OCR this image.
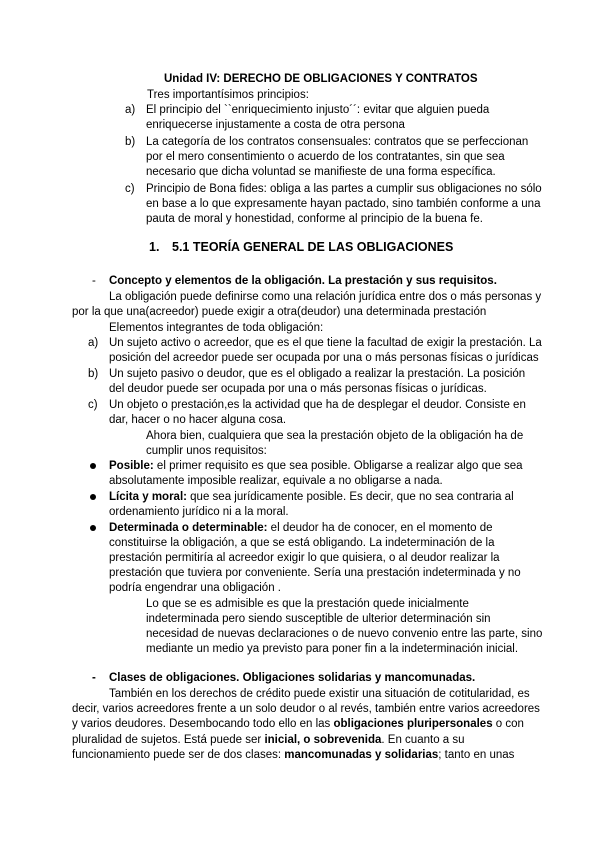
Unidad IV: DERECHO DE OBLIGACIONES Y CONTRATOS
Tres importantísimos principios:
a) El principio del ``enriquecimiento injusto´´: evitar que alguien pueda
enriquecerse injustamente a costa de otra persona
b) La categoría de los contratos consensuales: contratos que se perfeccionan
por el mero consentimiento o acuerdo de los contratantes, sin que sea
necesario que dicha voluntad se manifieste de una forma específica.
c) Principio de Bona fides: obliga a las partes a cumplir sus obligaciones no sólo
en base a lo que expresamente hayan pactado, sino también conforme a una
pauta de moral y honestidad, conforme al principio de la buena fe.
1. 5.1 TEORÍA GENERAL DE LAS OBLIGACIONES
- Concepto y elementos de la obligación. La prestación y sus requisitos.
La obligación puede definirse como una relación jurídica entre dos o más personas y
por la que una(acreedor) puede exigir a otra(deudor) una determinada prestación
Elementos integrantes de toda obligación:
a) Un sujeto activo o acreedor, que es el que tiene la facultad de exigir la prestación. La
posición del acreedor puede ser ocupada por una o más personas físicas o jurídicas
b) Un sujeto pasivo o deudor, que es el obligado a realizar la prestación. La posición
del deudor puede ser ocupada por una o más personas físicas o jurídicas.
c) Un objeto o prestación,es la actividad que ha de desplegar el deudor. Consiste en
dar, hacer o no hacer alguna cosa.
Ahora bien, cualquiera que sea la prestación objeto de la obligación ha de
cumplir unos requisitos:
Posible: el primer requisito es que sea posible. Obligarse a realizar algo que sea
absolutamente imposible realizar, equivale a no obligarse a nada.
Lícita y moral: que sea jurídicamente posible. Es decir, que no sea contraria al
ordenamiento jurídico ni a la moral.
Determinada o determinable: el deudor ha de conocer, en el momento de
constituirse la obligación, a que se está obligando. La indeterminación de la
prestación permitiría al acreedor exigir lo que quisiera, o al deudor realizar la
prestación que tuviera por conveniente. Sería una prestación indeterminada y no
podría engendrar una obligación .
Lo que se es admisible es que la prestación quede inicialmente
indeterminada pero siendo susceptible de ulterior determinación sin
necesidad de nuevas declaraciones o de nuevo convenio entre las parte, sino
mediante un medio ya previsto para poner fin a la indeterminación inicial.
- Clases de obligaciones. Obligaciones solidarias y mancomunadas.
También en los derechos de crédito puede existir una situación de cotitularidad, es
decir, varios acreedores frente a un solo deudor o al revés, también entre varios acreedores
y varios deudores. Desembocando todo ello en las obligaciones pluripersonales o con
pluralidad de sujetos. Está puede ser inicial, o sobrevenida. En cuanto a su
funcionamiento puede ser de dos clases: mancomunadas y solidarias; tanto en unas
